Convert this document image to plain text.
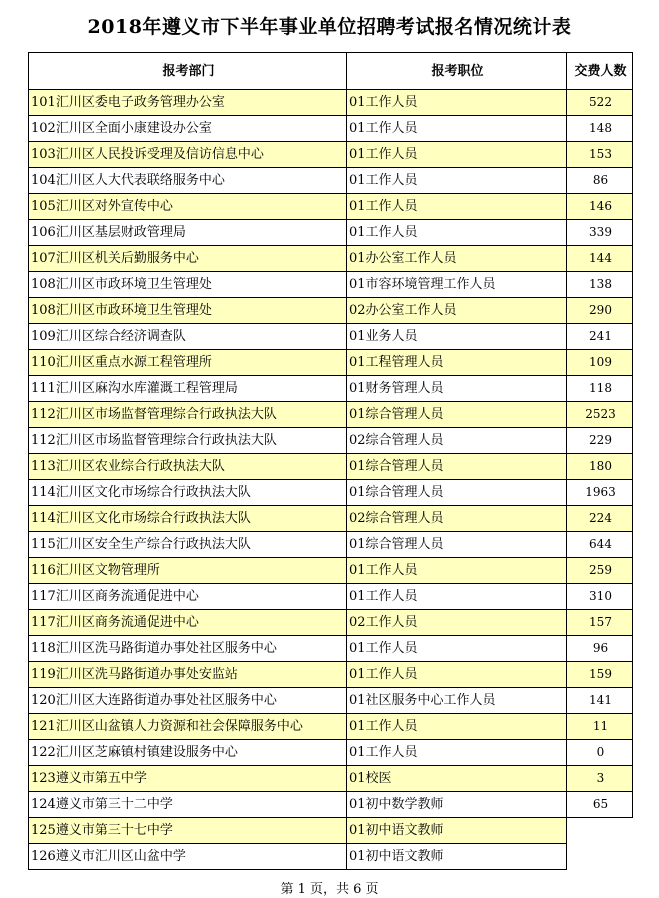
2018年遵义市下半年事业单位招聘考试报名情况统计表
报考部门	报考职位	交费人数
101汇川区委电子政务管理办公室	01工作人员	522
102汇川区全面小康建设办公室	01工作人员	148
103汇川区人民投诉受理及信访信息中心	01工作人员	153
104汇川区人大代表联络服务中心	01工作人员	86
105汇川区对外宣传中心	01工作人员	146
106汇川区基层财政管理局	01工作人员	339
107汇川区机关后勤服务中心	01办公室工作人员	144
108汇川区市政环境卫生管理处	01市容环境管理工作人员	138
108汇川区市政环境卫生管理处	02办公室工作人员	290
109汇川区综合经济调查队	01业务人员	241
110汇川区重点水源工程管理所	01工程管理人员	109
111汇川区麻沟水库灌溉工程管理局	01财务管理人员	118
112汇川区市场监督管理综合行政执法大队	01综合管理人员	2523
112汇川区市场监督管理综合行政执法大队	02综合管理人员	229
113汇川区农业综合行政执法大队	01综合管理人员	180
114汇川区文化市场综合行政执法大队	01综合管理人员	1963
114汇川区文化市场综合行政执法大队	02综合管理人员	224
115汇川区安全生产综合行政执法大队	01综合管理人员	644
116汇川区文物管理所	01工作人员	259
117汇川区商务流通促进中心	01工作人员	310
117汇川区商务流通促进中心	02工作人员	157
118汇川区洗马路街道办事处社区服务中心	01工作人员	96
119汇川区洗马路街道办事处安监站	01工作人员	159
120汇川区大连路街道办事处社区服务中心	01社区服务中心工作人员	141
121汇川区山盆镇人力资源和社会保障服务中心	01工作人员	11
122汇川区芝麻镇村镇建设服务中心	01工作人员	0
123遵义市第五中学	01校医	3
124遵义市第三十二中学	01初中数学教师	65
125遵义市第三十七中学	01初中语文教师	
126遵义市汇川区山盆中学	01初中语文教师	
第 1 页，共 6 页
